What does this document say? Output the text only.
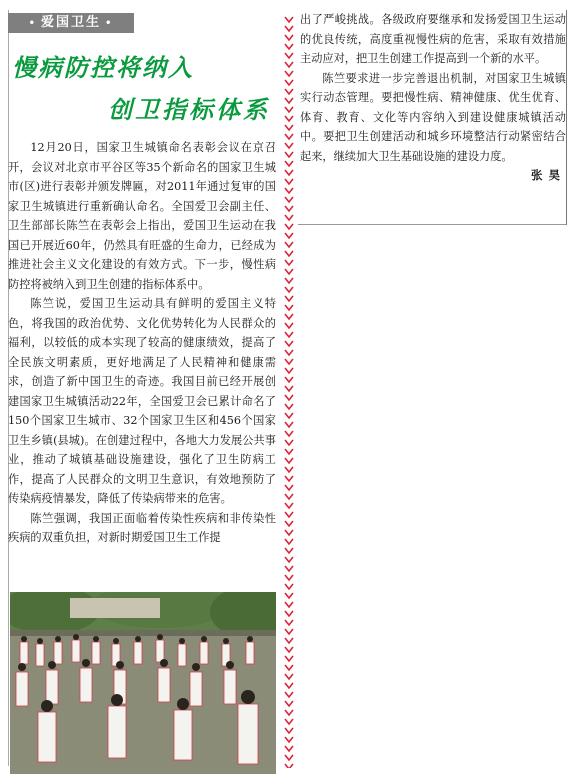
• 爱国卫生 •
慢病防控将纳入
创卫指标体系

12月20日，国家卫生城镇命名表彰会议在京召开，会议对北京市平谷区等35个新命名的国家卫生城市(区)进行表彰并颁发牌匾，对2011年通过复审的国家卫生城镇进行重新确认命名。全国爱卫会副主任、卫生部部长陈竺在表彰会上指出，爱国卫生运动在我国已开展近60年，仍然具有旺盛的生命力，已经成为推进社会主义文化建设的有效方式。下一步，慢性病防控将被纳入到卫生创建的指标体系中。

陈竺说，爱国卫生运动具有鲜明的爱国主义特色，将我国的政治优势、文化优势转化为人民群众的福利，以较低的成本实现了较高的健康绩效，提高了全民族文明素质，更好地满足了人民精神和健康需求，创造了新中国卫生的奇迹。我国目前已经开展创建国家卫生城镇活动22年，全国爱卫会已累计命名了150个国家卫生城市、32个国家卫生区和456个国家卫生乡镇(县城)。在创建过程中，各地大力发展公共事业，推动了城镇基础设施建设，强化了卫生防病工作，提高了人民群众的文明卫生意识，有效地预防了传染病疫情暴发，降低了传染病带来的危害。

陈竺强调，我国正面临着传染性疾病和非传染性疾病的双重负担，对新时期爱国卫生工作提

出了严峻挑战。各级政府要继承和发扬爱国卫生运动的优良传统，高度重视慢性病的危害，采取有效措施主动应对，把卫生创建工作提高到一个新的水平。

陈竺要求进一步完善退出机制，对国家卫生城镇实行动态管理。要把慢性病、精神健康、优生优育、体育、教育、文化等内容纳入到建设健康城镇活动中。要把卫生创建活动和城乡环境整洁行动紧密结合起来，继续加大卫生基础设施的建设力度。

张昊
